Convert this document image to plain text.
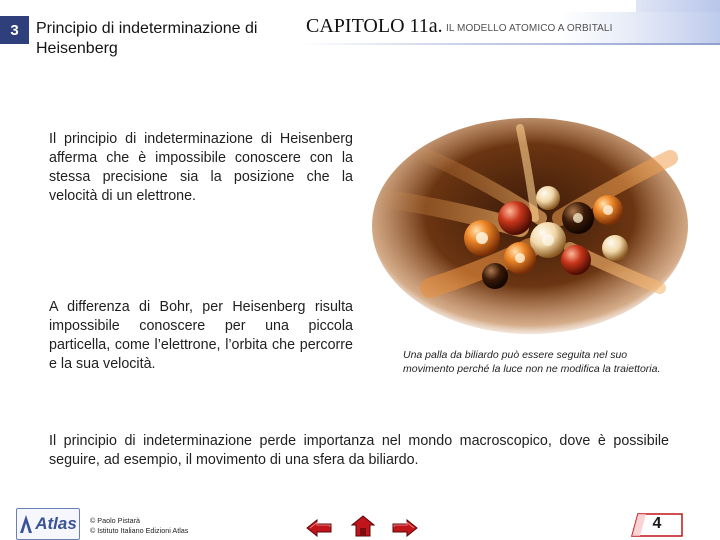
3	Principio di indeterminazione di Heisenberg
CAPITOLO 11a. IL MODELLO ATOMICO A ORBITALI
Il principio di indeterminazione di Heisenberg afferma che è impossibile conoscere con la stessa precisione sia la posizione che la velocità di un elettrone.
A differenza di Bohr, per Heisenberg risulta impossibile conoscere per una piccola particella, come l’elettrone, l’orbita che percorre e la sua velocità.
Il principio di indeterminazione perde importanza nel mondo macroscopico, dove è possibile seguire, ad esempio, il movimento di una sfera da biliardo.
Una palla da biliardo può essere seguita nel suo movimento perché la luce non ne modifica la traiettoria.
Atlas © Paolo Pistarà
© Istituto Italiano Edizioni Atlas	4
